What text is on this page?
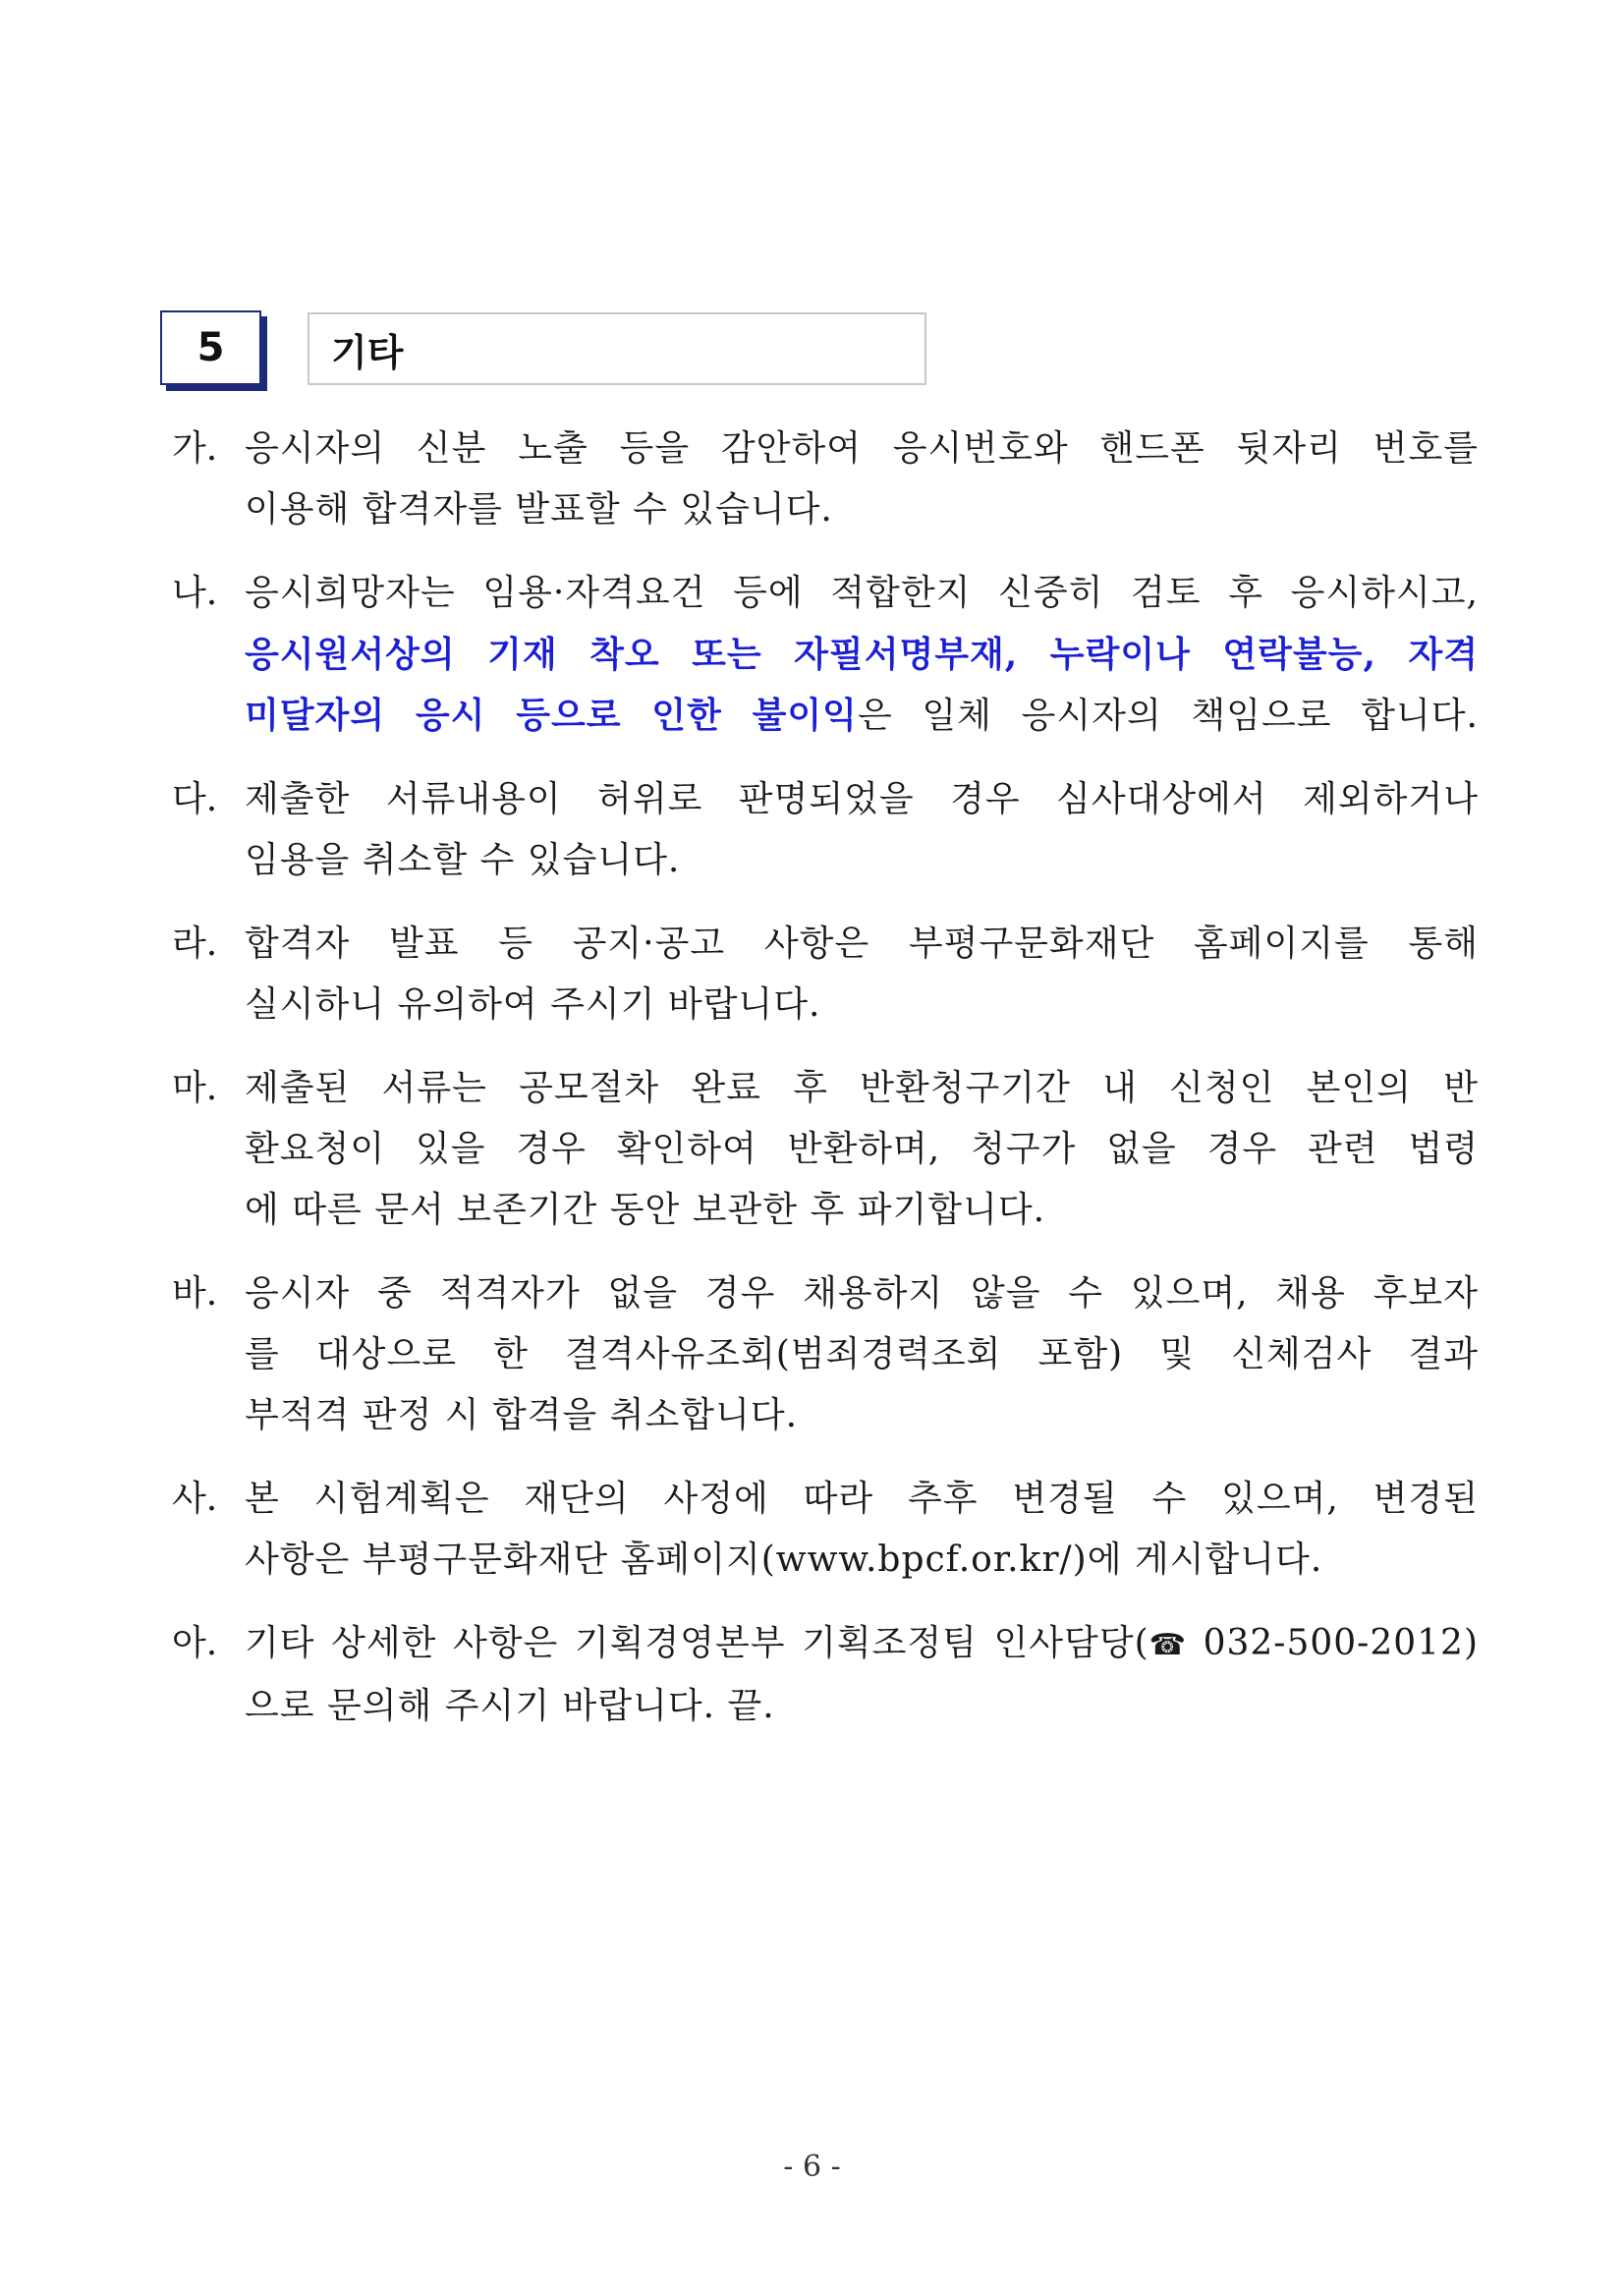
5	기타
가. 응시자의 신분 노출 등을 감안하여 응시번호와 핸드폰 뒷자리 번호를
이용해 합격자를 발표할 수 있습니다.
나. 응시희망자는 임용·자격요건 등에 적합한지 신중히 검토 후 응시하시고,
응시원서상의 기재 착오 또는 자필서명부재, 누락이나 연락불능, 자격
미달자의 응시 등으로 인한 불이익은 일체 응시자의 책임으로 합니다.
다. 제출한 서류내용이 허위로 판명되었을 경우 심사대상에서 제외하거나
임용을 취소할 수 있습니다.
라. 합격자 발표 등 공지·공고 사항은 부평구문화재단 홈페이지를 통해
실시하니 유의하여 주시기 바랍니다.
마. 제출된 서류는 공모절차 완료 후 반환청구기간 내 신청인 본인의 반
환요청이 있을 경우 확인하여 반환하며, 청구가 없을 경우 관련 법령
에 따른 문서 보존기간 동안 보관한 후 파기합니다.
바. 응시자 중 적격자가 없을 경우 채용하지 않을 수 있으며, 채용 후보자
를 대상으로 한 결격사유조회(범죄경력조회 포함) 및 신체검사 결과
부적격 판정 시 합격을 취소합니다.
사. 본 시험계획은 재단의 사정에 따라 추후 변경될 수 있으며, 변경된
사항은 부평구문화재단 홈페이지(www.bpcf.or.kr/)에 게시합니다.
아. 기타 상세한 사항은 기획경영본부 기획조정팀 인사담당(☎ 032-500-2012)
으로 문의해 주시기 바랍니다. 끝.
- 6 -
